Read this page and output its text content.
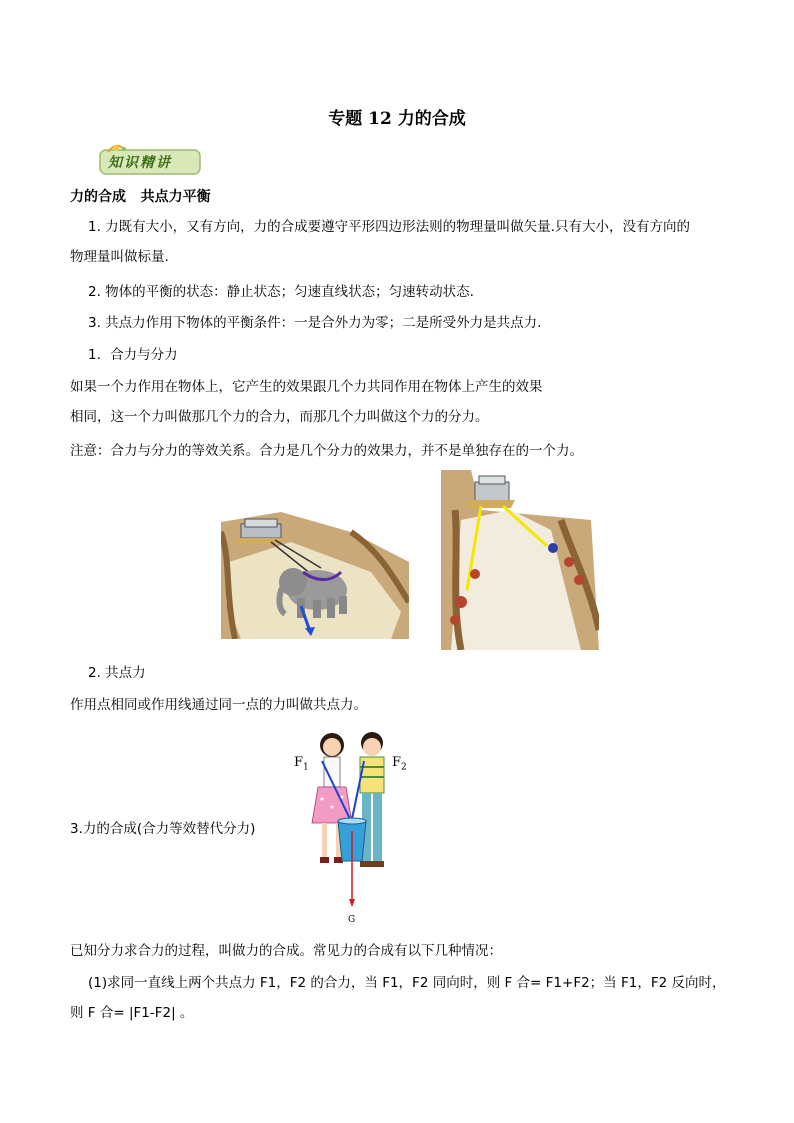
专题 12 力的合成
知识精讲
力的合成   共点力平衡
1. 力既有大小，又有方向，力的合成要遵守平形四边形法则的物理量叫做矢量.只有大小，没有方向的
物理量叫做标量.
2. 物体的平衡的状态：静止状态；匀速直线状态；匀速转动状态.
3. 共点力作用下物体的平衡条件：一是合外力为零；二是所受外力是共点力.
1．合力与分力
如果一个力作用在物体上，它产生的效果跟几个力共同作用在物体上产生的效果
相同，这一个力叫做那几个力的合力，而那几个力叫做这个力的分力。
注意：合力与分力的等效关系。合力是几个分力的效果力，并不是单独存在的一个力。
2. 共点力
作用点相同或作用线通过同一点的力叫做共点力。
3.力的合成(合力等效替代分力)
$F_1$	$F_2$
G
已知分力求合力的过程，叫做力的合成。常见力的合成有以下几种情况：
(1)求同一直线上两个共点力 F1，F2 的合力，当 F1，F2 同向时，则 F 合= F1+F2；当 F1，F2 反向时，
则 F 合= |F1-F2| 。
